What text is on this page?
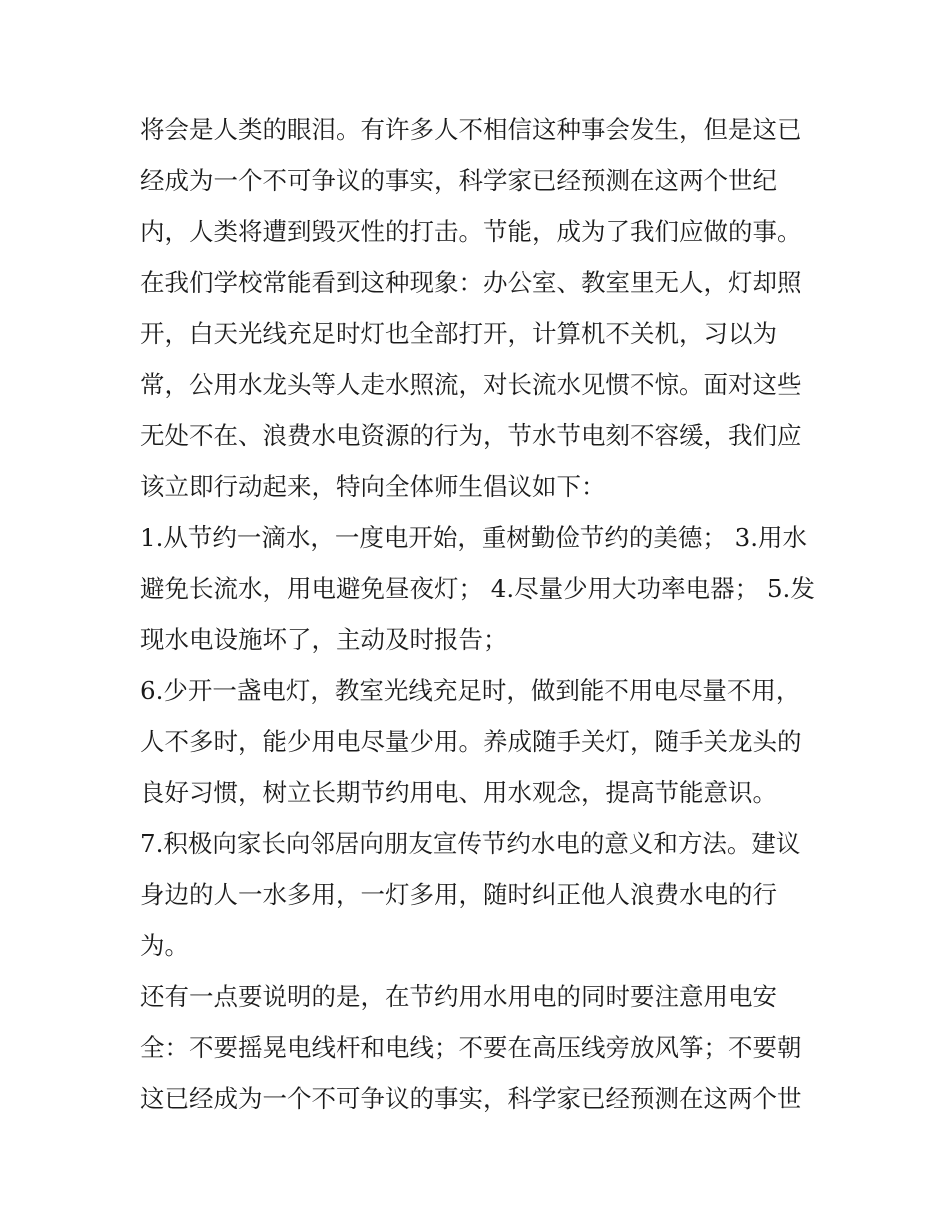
将会是人类的眼泪。有许多人不相信这种事会发生，但是这已
经成为一个不可争议的事实，科学家已经预测在这两个世纪
内，人类将遭到毁灭性的打击。节能，成为了我们应做的事。
在我们学校常能看到这种现象：办公室、教室里无人，灯却照
开，白天光线充足时灯也全部打开，计算机不关机，习以为
常，公用水龙头等人走水照流，对长流水见惯不惊。面对这些
无处不在、浪费水电资源的行为，节水节电刻不容缓，我们应
该立即行动起来，特向全体师生倡议如下：
1.从节约一滴水，一度电开始，重树勤俭节约的美德； 3.用水
避免长流水，用电避免昼夜灯； 4.尽量少用大功率电器； 5.发
现水电设施坏了，主动及时报告；
6.少开一盏电灯，教室光线充足时，做到能不用电尽量不用，
人不多时，能少用电尽量少用。养成随手关灯，随手关龙头的
良好习惯，树立长期节约用电、用水观念，提高节能意识。
7.积极向家长向邻居向朋友宣传节约水电的意义和方法。建议
身边的人一水多用，一灯多用，随时纠正他人浪费水电的行
为。
还有一点要说明的是，在节约用水用电的同时要注意用电安
全：不要摇晃电线杆和电线；不要在高压线旁放风筝；不要朝
这已经成为一个不可争议的事实，科学家已经预测在这两个世
